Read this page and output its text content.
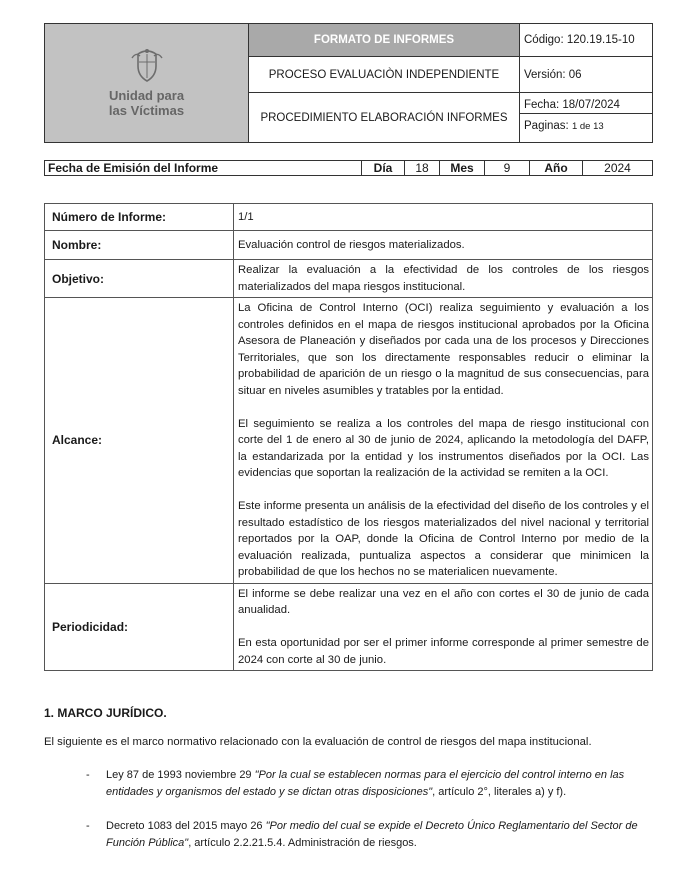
Unidad para
las Víctimas	FORMATO DE INFORMES	Código: 120.19.15-10
	PROCESO EVALUACIÒN INDEPENDIENTE	Versión: 06
	PROCEDIMIENTO ELABORACIÓN INFORMES	Fecha: 18/07/2024
Paginas: 1 de 13
Fecha de Emisión del Informe	Día	18	Mes	9	Año	2024
Número de Informe:	1/1
Nombre:	Evaluación control de riesgos materializados.
Objetivo:	Realizar la evaluación a la efectividad de los controles de los riesgos materializados del mapa riesgos institucional.
Alcance:	La Oficina de Control Interno (OCI) realiza seguimiento y evaluación a los controles definidos en el mapa de riesgos institucional aprobados por la Oficina Asesora de Planeación y diseñados por cada una de los procesos y Direcciones Territoriales, que son los directamente responsables reducir o eliminar la probabilidad de aparición de un riesgo o la magnitud de sus consecuencias, para situar en niveles asumibles y tratables por la entidad.

El seguimiento se realiza a los controles del mapa de riesgo institucional con corte del 1 de enero al 30 de junio de 2024, aplicando la metodología del DAFP, la estandarizada por la entidad y los instrumentos diseñados por la OCI. Las evidencias que soportan la realización de la actividad se remiten a la OCI.

Este informe presenta un análisis de la efectividad del diseño de los controles y el resultado estadístico de los riesgos materializados del nivel nacional y territorial reportados por la OAP, donde la Oficina de Control Interno por medio de la evaluación realizada, puntualiza aspectos a considerar que minimicen la probabilidad de que los hechos no se materialicen nuevamente.

Periodicidad:	El informe se debe realizar una vez en el año con cortes el 30 de junio de cada anualidad.

En esta oportunidad por ser el primer informe corresponde al primer semestre de 2024 con corte al 30 de junio.

1. MARCO JURÍDICO.
El siguiente es el marco normativo relacionado con la evaluación de control de riesgos del mapa institucional.
- Ley 87 de 1993 noviembre 29 "Por la cual se establecen normas para el ejercicio del control interno en las entidades y organismos del estado y se dictan otras disposiciones", artículo 2°, literales a) y f).
- Decreto 1083 del 2015 mayo 26 "Por medio del cual se expide el Decreto Único Reglamentario del Sector de Función Pública", artículo 2.2.21.5.4. Administración de riesgos.
